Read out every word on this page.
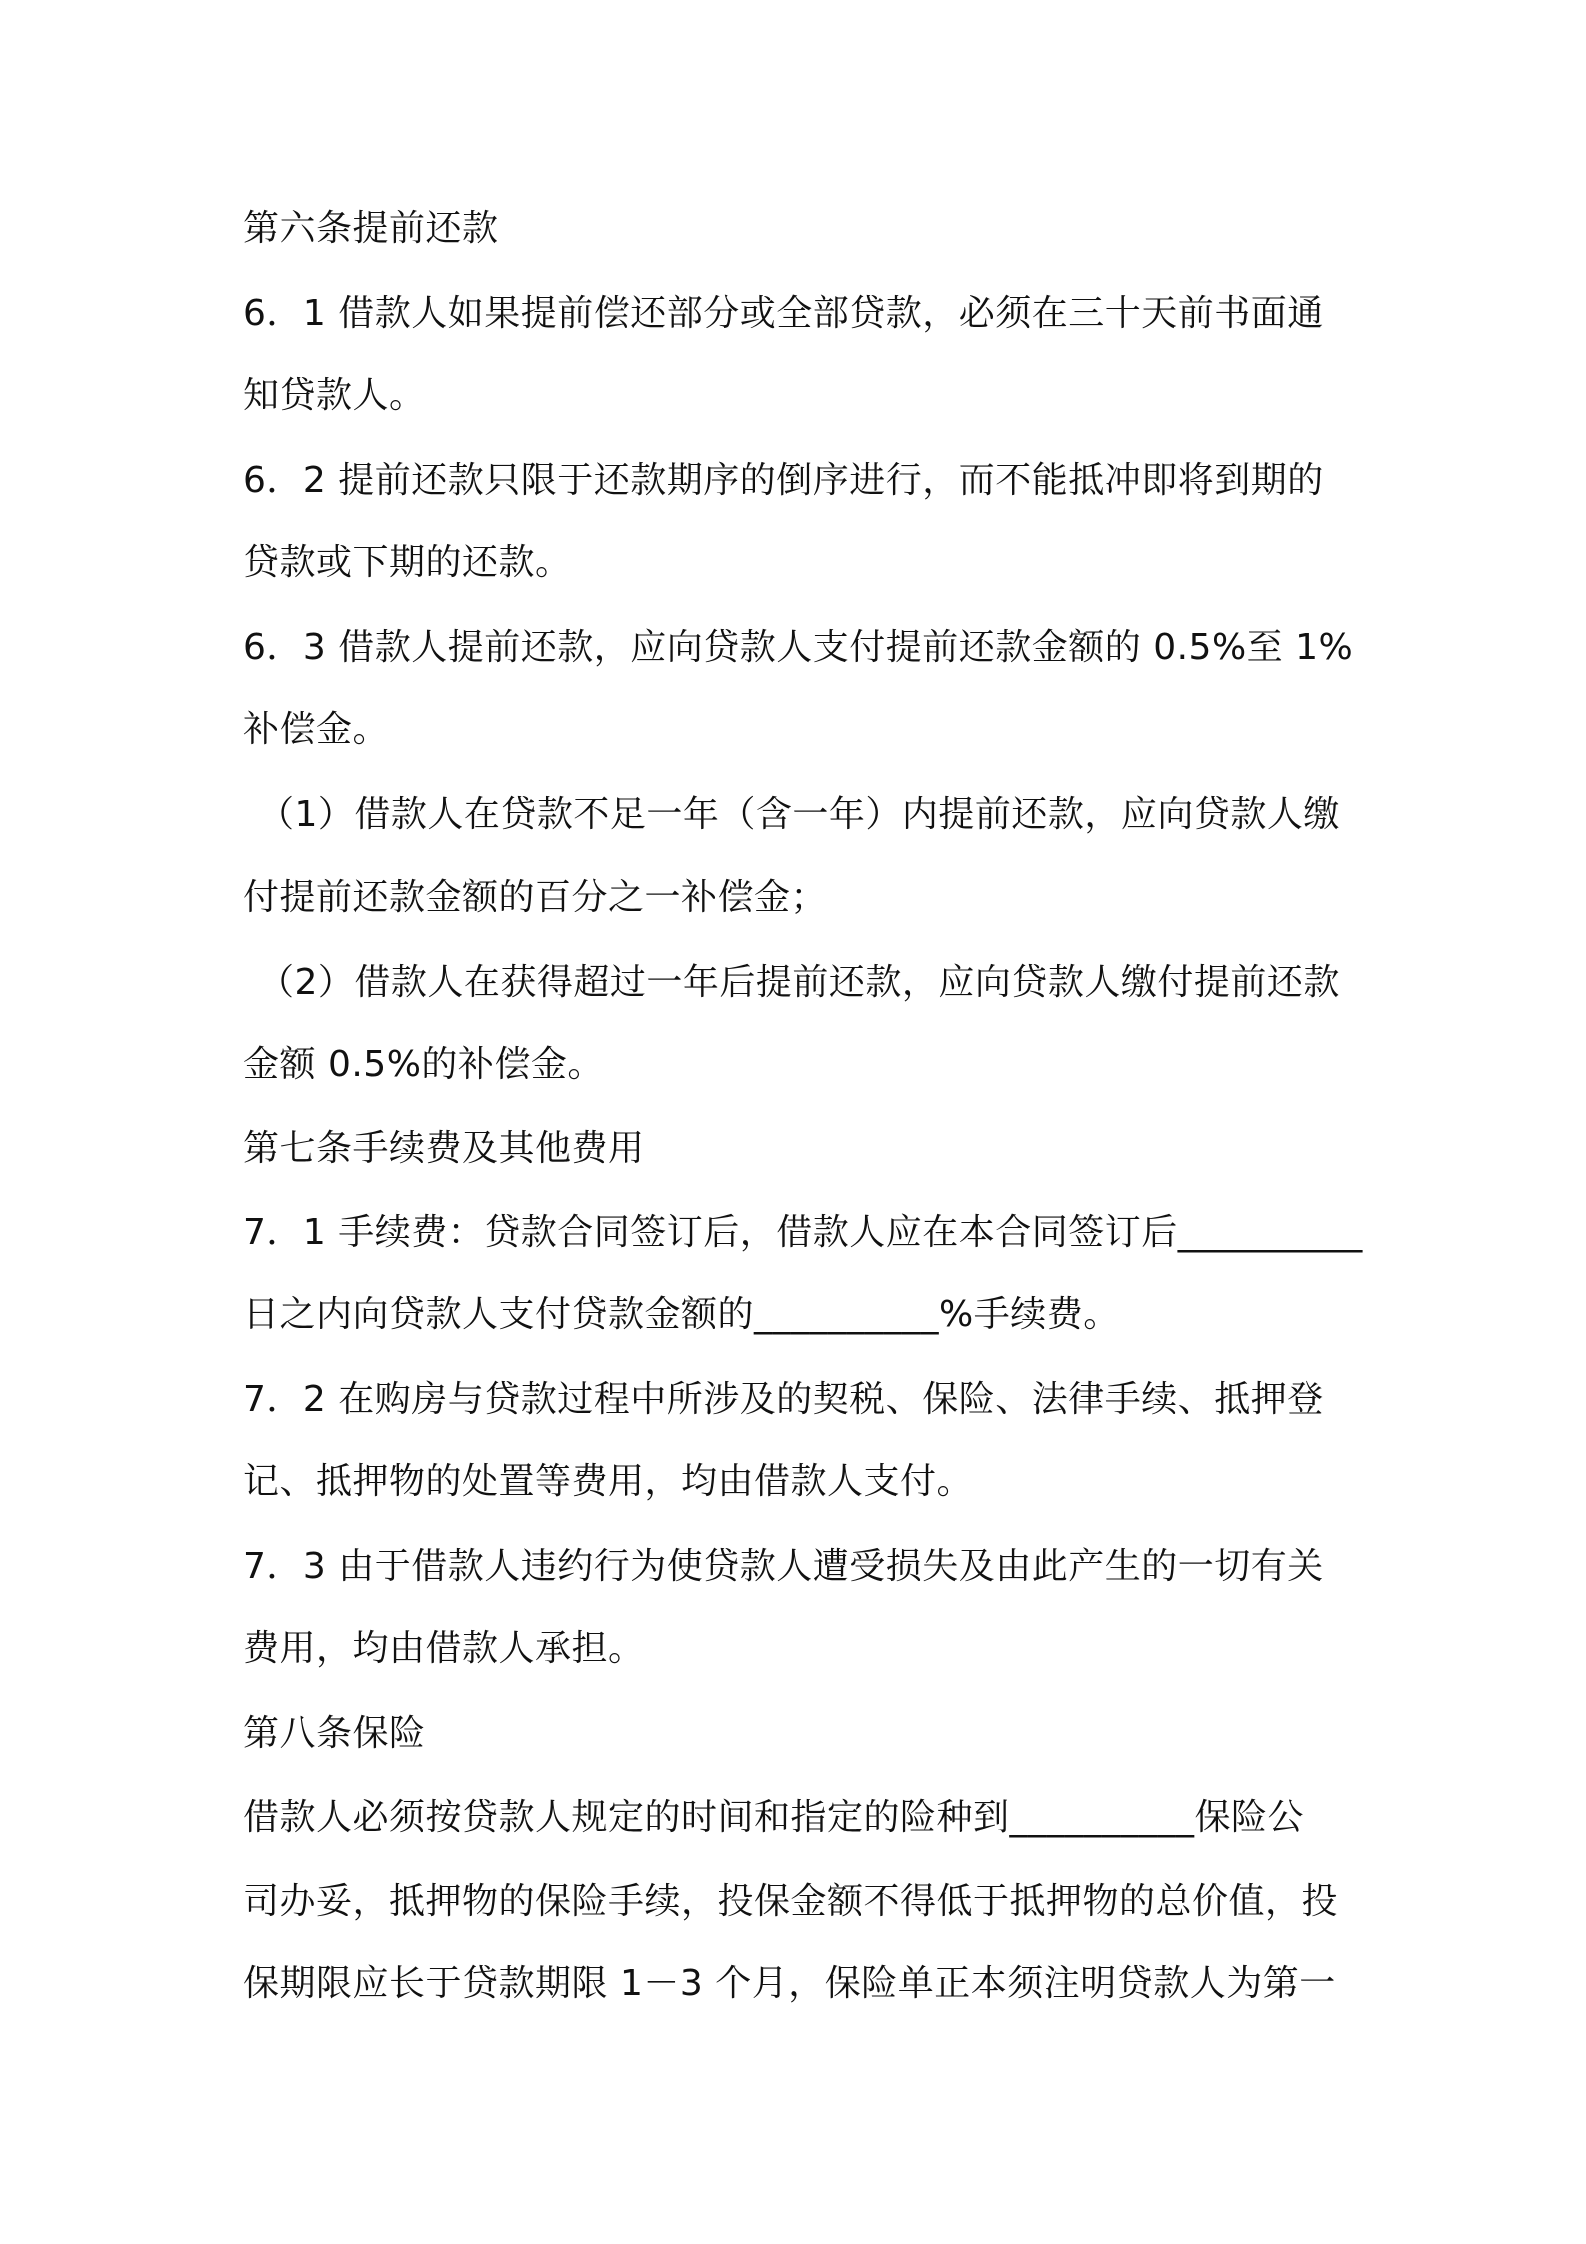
第六条提前还款
6．1 借款人如果提前偿还部分或全部贷款，必须在三十天前书面通
知贷款人。
6．2 提前还款只限于还款期序的倒序进行，而不能抵冲即将到期的
贷款或下期的还款。
6．3 借款人提前还款，应向贷款人支付提前还款金额的 0.5%至 1%
补偿金。
（1）借款人在贷款不足一年（含一年）内提前还款，应向贷款人缴
付提前还款金额的百分之一补偿金；
（2）借款人在获得超过一年后提前还款，应向贷款人缴付提前还款
金额 0.5%的补偿金。
第七条手续费及其他费用
7．1 手续费：贷款合同签订后，借款人应在本合同签订后__________
日之内向贷款人支付贷款金额的__________%手续费。
7．2 在购房与贷款过程中所涉及的契税、保险、法律手续、抵押登
记、抵押物的处置等费用，均由借款人支付。
7．3 由于借款人违约行为使贷款人遭受损失及由此产生的一切有关
费用，均由借款人承担。
第八条保险
借款人必须按贷款人规定的时间和指定的险种到__________保险公
司办妥，抵押物的保险手续，投保金额不得低于抵押物的总价值，投
保期限应长于贷款期限 1－3 个月，保险单正本须注明贷款人为第一
